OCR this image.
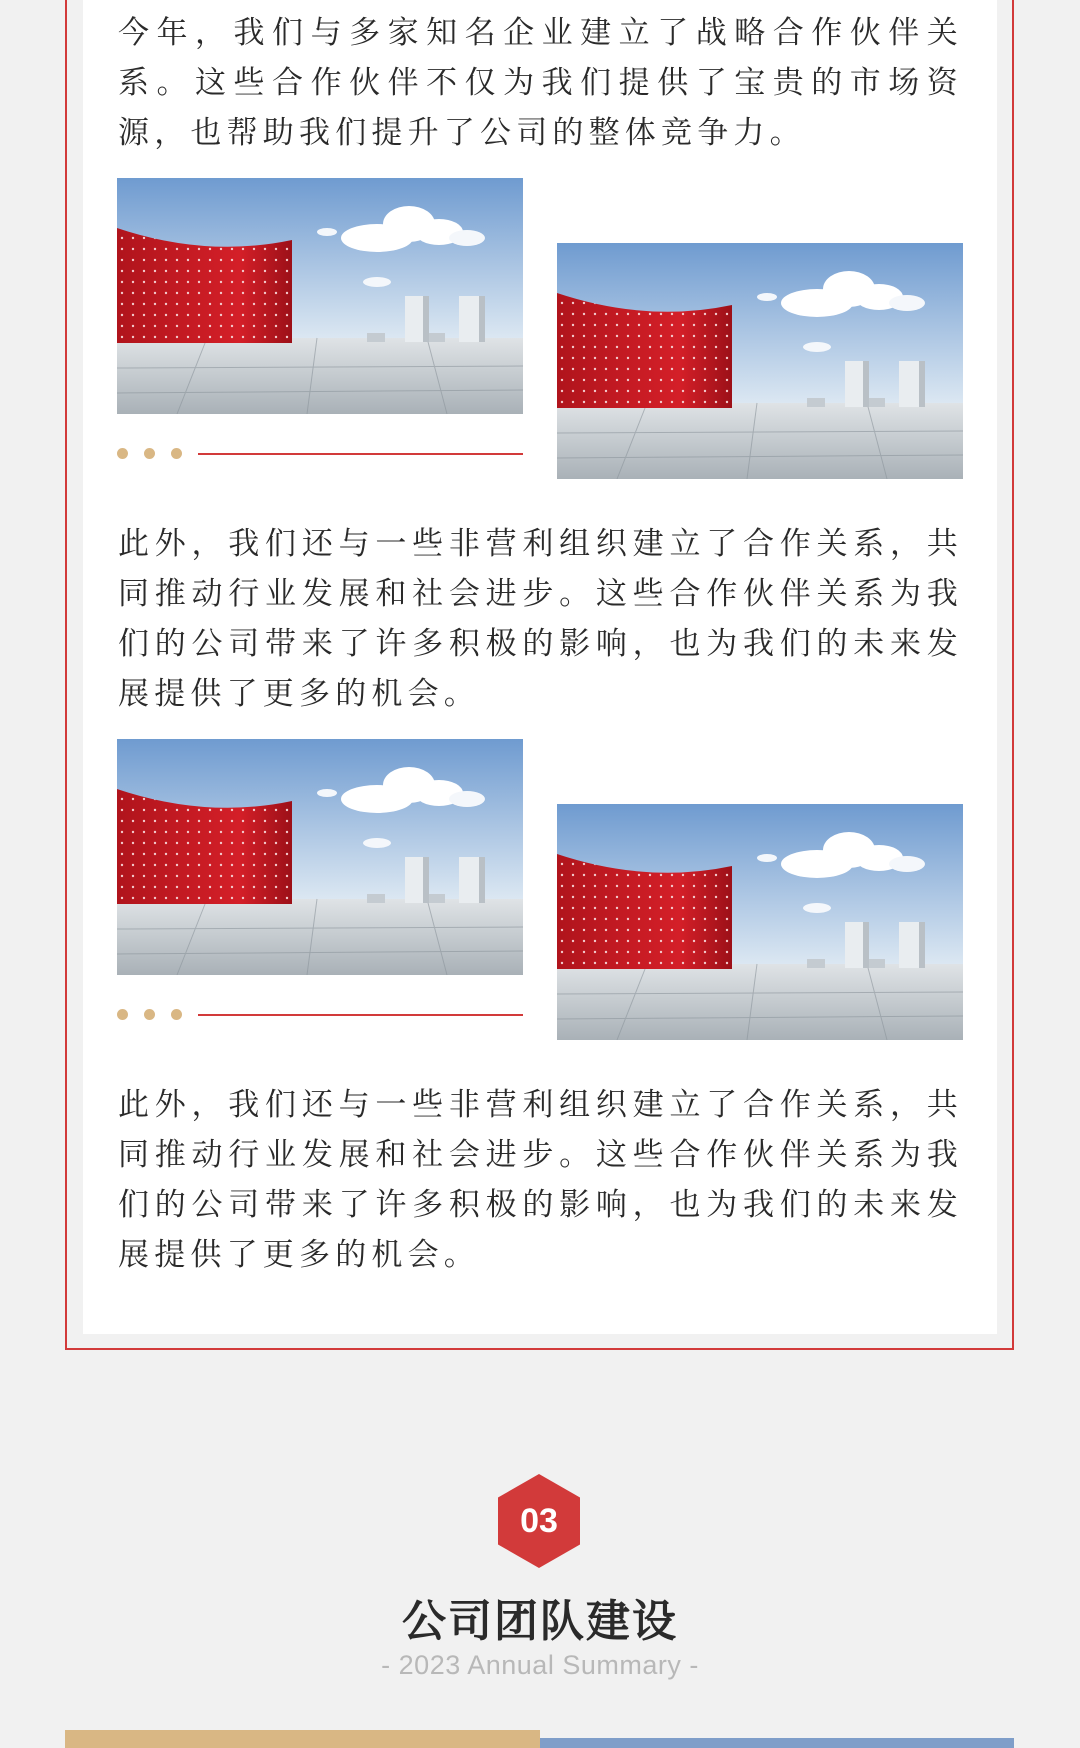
今年，我们与多家知名企业建立了战略合作伙伴关系。这些合作伙伴不仅为我们提供了宝贵的市场资源，也帮助我们提升了公司的整体竞争力。

此外，我们还与一些非营利组织建立了合作关系，共同推动行业发展和社会进步。这些合作伙伴关系为我们的公司带来了许多积极的影响，也为我们的未来发展提供了更多的机会。

此外，我们还与一些非营利组织建立了合作关系，共同推动行业发展和社会进步。这些合作伙伴关系为我们的公司带来了许多积极的影响，也为我们的未来发展提供了更多的机会。

03
公司团队建设
- 2023 Annual Summary -
